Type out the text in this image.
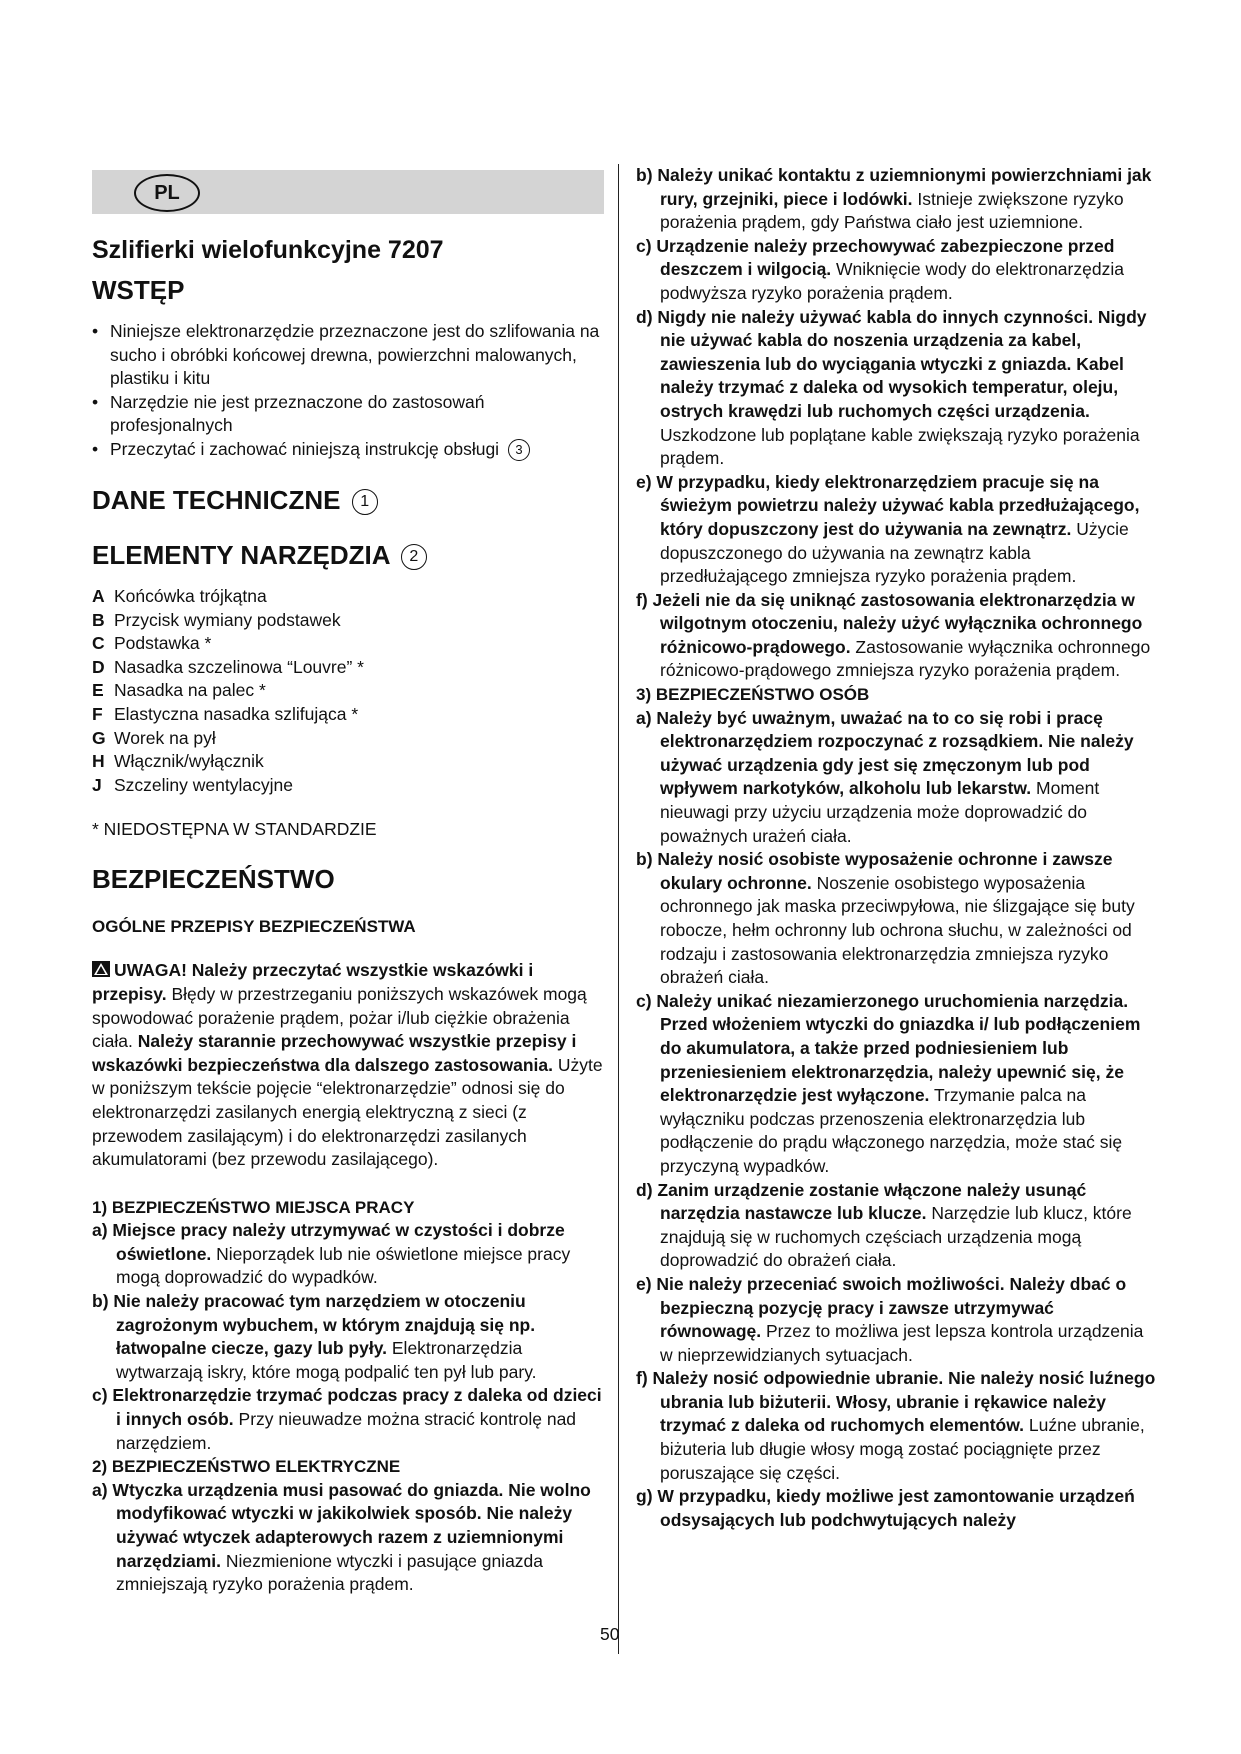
PL
Szlifierki wielofunkcyjne 7207
WSTĘP
• Niniejsze elektronarzędzie przeznaczone jest do szlifowania na sucho i obróbki końcowej drewna, powierzchni malowanych, plastiku i kitu
• Narzędzie nie jest przeznaczone do zastosowań profesjonalnych
• Przeczytać i zachować niniejszą instrukcję obsługi 3
DANE TECHNICZNE 1
ELEMENTY NARZĘDZIA 2
A Końcówka trójkątna
B Przycisk wymiany podstawek
C Podstawka *
D Nasadka szczelinowa “Louvre” *
E Nasadka na palec *
F Elastyczna nasadka szlifująca *
G Worek na pył
H Włącznik/wyłącznik
J Szczeliny wentylacyjne
* NIEDOSTĘPNA W STANDARDZIE
BEZPIECZEŃSTWO
OGÓLNE PRZEPISY BEZPIECZEŃSTWA
UWAGA! Należy przeczytać wszystkie wskazówki i przepisy. Błędy w przestrzeganiu poniższych wskazówek mogą spowodować porażenie prądem, pożar i/lub ciężkie obrażenia ciała. Należy starannie przechowywać wszystkie przepisy i wskazówki bezpieczeństwa dla dalszego zastosowania. Użyte w poniższym tekście pojęcie “elektronarzędzie” odnosi się do elektronarzędzi zasilanych energią elektryczną z sieci (z przewodem zasilającym) i do elektronarzędzi zasilanych akumulatorami (bez przewodu zasilającego).
1) BEZPIECZEŃSTWO MIEJSCA PRACY
a) Miejsce pracy należy utrzymywać w czystości i dobrze oświetlone. Nieporządek lub nie oświetlone miejsce pracy mogą doprowadzić do wypadków.
b) Nie należy pracować tym narzędziem w otoczeniu zagrożonym wybuchem, w którym znajdują się np. łatwopalne ciecze, gazy lub pyły. Elektronarzędzia wytwarzają iskry, które mogą podpalić ten pył lub pary.
c) Elektronarzędzie trzymać podczas pracy z daleka od dzieci i innych osób. Przy nieuwadze można stracić kontrolę nad narzędziem.
2) BEZPIECZEŃSTWO ELEKTRYCZNE
a) Wtyczka urządzenia musi pasować do gniazda. Nie wolno modyfikować wtyczki w jakikolwiek sposób. Nie należy używać wtyczek adapterowych razem z uziemnionymi narzędziami. Niezmienione wtyczki i pasujące gniazda zmniejszają ryzyko porażenia prądem.
b) Należy unikać kontaktu z uziemnionymi powierzchniami jak rury, grzejniki, piece i lodówki. Istnieje zwiększone ryzyko porażenia prądem, gdy Państwa ciało jest uziemnione.
c) Urządzenie należy przechowywać zabezpieczone przed deszczem i wilgocią. Wniknięcie wody do elektronarzędzia podwyższa ryzyko porażenia prądem.
d) Nigdy nie należy używać kabla do innych czynności. Nigdy nie używać kabla do noszenia urządzenia za kabel, zawieszenia lub do wyciągania wtyczki z gniazda. Kabel należy trzymać z daleka od wysokich temperatur, oleju, ostrych krawędzi lub ruchomych części urządzenia. Uszkodzone lub poplątane kable zwiększają ryzyko porażenia prądem.
e) W przypadku, kiedy elektronarzędziem pracuje się na świeżym powietrzu należy używać kabla przedłużającego, który dopuszczony jest do używania na zewnątrz. Użycie dopuszczonego do używania na zewnątrz kabla przedłużającego zmniejsza ryzyko porażenia prądem.
f) Jeżeli nie da się uniknąć zastosowania elektronarzędzia w wilgotnym otoczeniu, należy użyć wyłącznika ochronnego różnicowo-prądowego. Zastosowanie wyłącznika ochronnego różnicowo-prądowego zmniejsza ryzyko porażenia prądem.
3) BEZPIECZEŃSTWO OSÓB
a) Należy być uważnym, uważać na to co się robi i pracę elektronarzędziem rozpoczynać z rozsądkiem. Nie należy używać urządzenia gdy jest się zmęczonym lub pod wpływem narkotyków, alkoholu lub lekarstw. Moment nieuwagi przy użyciu urządzenia może doprowadzić do poważnych urażeń ciała.
b) Należy nosić osobiste wyposażenie ochronne i zawsze okulary ochronne. Noszenie osobistego wyposażenia ochronnego jak maska przeciwpyłowa, nie ślizgające się buty robocze, hełm ochronny lub ochrona słuchu, w zależności od rodzaju i zastosowania elektronarzędzia zmniejsza ryzyko obrażeń ciała.
c) Należy unikać niezamierzonego uruchomienia narzędzia. Przed włożeniem wtyczki do gniazdka i/ lub podłączeniem do akumulatora, a także przed podniesieniem lub przeniesieniem elektronarzędzia, należy upewnić się, że elektronarzędzie jest wyłączone. Trzymanie palca na wyłączniku podczas przenoszenia elektronarzędzia lub podłączenie do prądu włączonego narzędzia, może stać się przyczyną wypadków.
d) Zanim urządzenie zostanie włączone należy usunąć narzędzia nastawcze lub klucze. Narzędzie lub klucz, które znajdują się w ruchomych częściach urządzenia mogą doprowadzić do obrażeń ciała.
e) Nie należy przeceniać swoich możliwości. Należy dbać o bezpieczną pozycję pracy i zawsze utrzymywać równowagę. Przez to możliwa jest lepsza kontrola urządzenia w nieprzewidzianych sytuacjach.
f) Należy nosić odpowiednie ubranie. Nie należy nosić luźnego ubrania lub biżuterii. Włosy, ubranie i rękawice należy trzymać z daleka od ruchomych elementów. Luźne ubranie, biżuteria lub długie włosy mogą zostać pociągnięte przez poruszające się części.
g) W przypadku, kiedy możliwe jest zamontowanie urządzeń odsysających lub podchwytujących należy
50
